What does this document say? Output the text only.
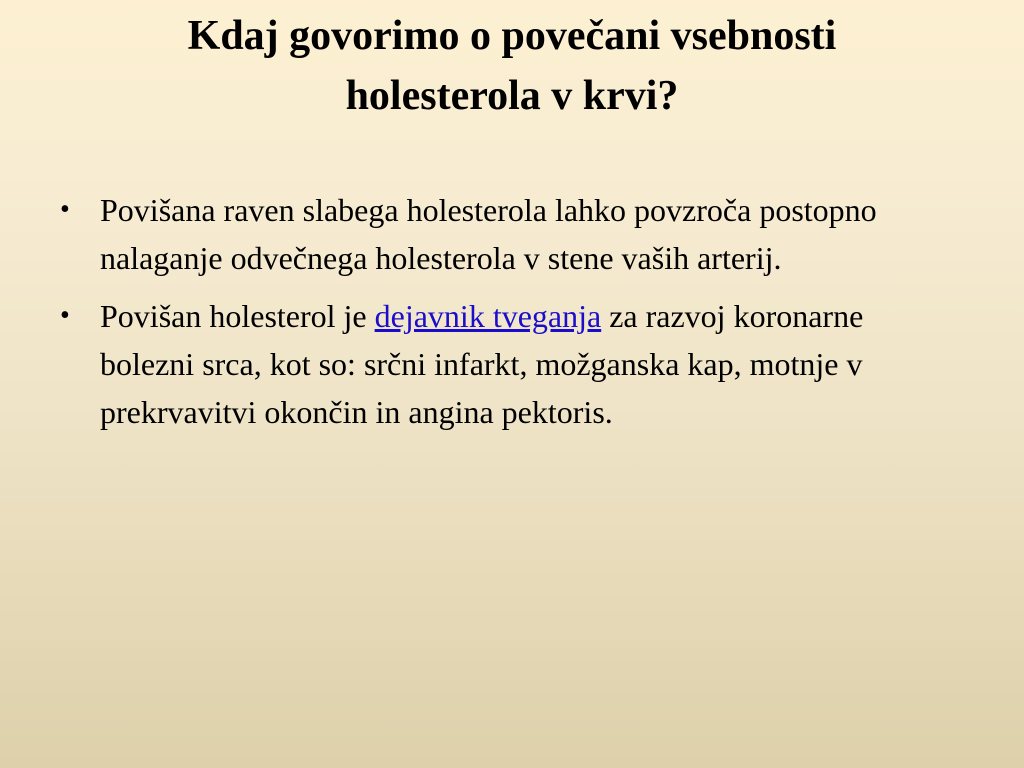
Kdaj govorimo o povečani vsebnosti
holesterola v krvi?
• Povišana raven slabega holesterola lahko povzroča postopno nalaganje odvečnega holesterola v stene vaših arterij.
• Povišan holesterol je dejavnik tveganja za razvoj koronarne bolezni srca, kot so: srčni infarkt, možganska kap, motnje v prekrvavitvi okončin in angina pektoris.
